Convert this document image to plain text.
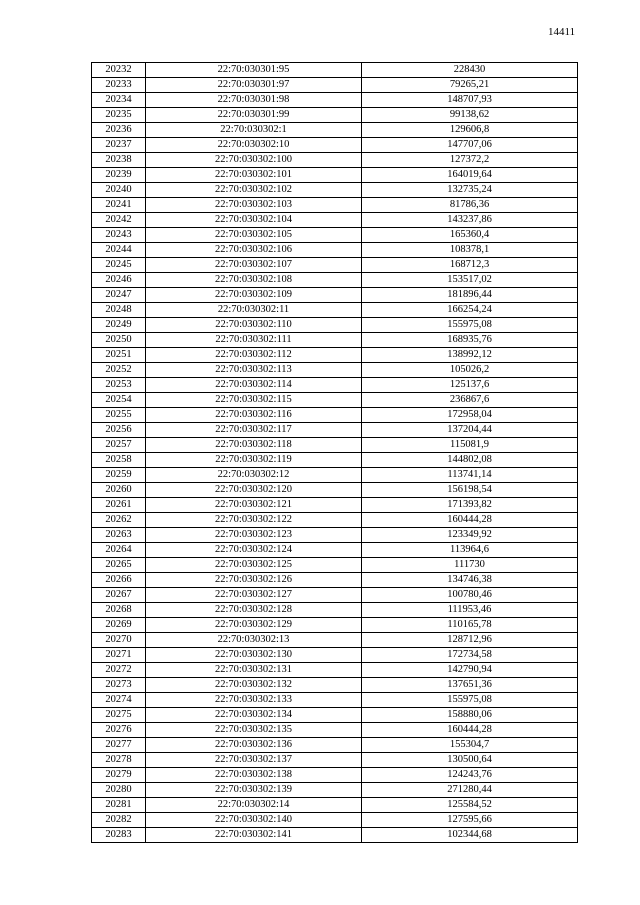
14411
20232	22:70:030301:95	228430
20233	22:70:030301:97	79265,21
20234	22:70:030301:98	148707,93
20235	22:70:030301:99	99138,62
20236	22:70:030302:1	129606,8
20237	22:70:030302:10	147707,06
20238	22:70:030302:100	127372,2
20239	22:70:030302:101	164019,64
20240	22:70:030302:102	132735,24
20241	22:70:030302:103	81786,36
20242	22:70:030302:104	143237,86
20243	22:70:030302:105	165360,4
20244	22:70:030302:106	108378,1
20245	22:70:030302:107	168712,3
20246	22:70:030302:108	153517,02
20247	22:70:030302:109	181896,44
20248	22:70:030302:11	166254,24
20249	22:70:030302:110	155975,08
20250	22:70:030302:111	168935,76
20251	22:70:030302:112	138992,12
20252	22:70:030302:113	105026,2
20253	22:70:030302:114	125137,6
20254	22:70:030302:115	236867,6
20255	22:70:030302:116	172958,04
20256	22:70:030302:117	137204,44
20257	22:70:030302:118	115081,9
20258	22:70:030302:119	144802,08
20259	22:70:030302:12	113741,14
20260	22:70:030302:120	156198,54
20261	22:70:030302:121	171393,82
20262	22:70:030302:122	160444,28
20263	22:70:030302:123	123349,92
20264	22:70:030302:124	113964,6
20265	22:70:030302:125	111730
20266	22:70:030302:126	134746,38
20267	22:70:030302:127	100780,46
20268	22:70:030302:128	111953,46
20269	22:70:030302:129	110165,78
20270	22:70:030302:13	128712,96
20271	22:70:030302:130	172734,58
20272	22:70:030302:131	142790,94
20273	22:70:030302:132	137651,36
20274	22:70:030302:133	155975,08
20275	22:70:030302:134	158880,06
20276	22:70:030302:135	160444,28
20277	22:70:030302:136	155304,7
20278	22:70:030302:137	130500,64
20279	22:70:030302:138	124243,76
20280	22:70:030302:139	271280,44
20281	22:70:030302:14	125584,52
20282	22:70:030302:140	127595,66
20283	22:70:030302:141	102344,68
